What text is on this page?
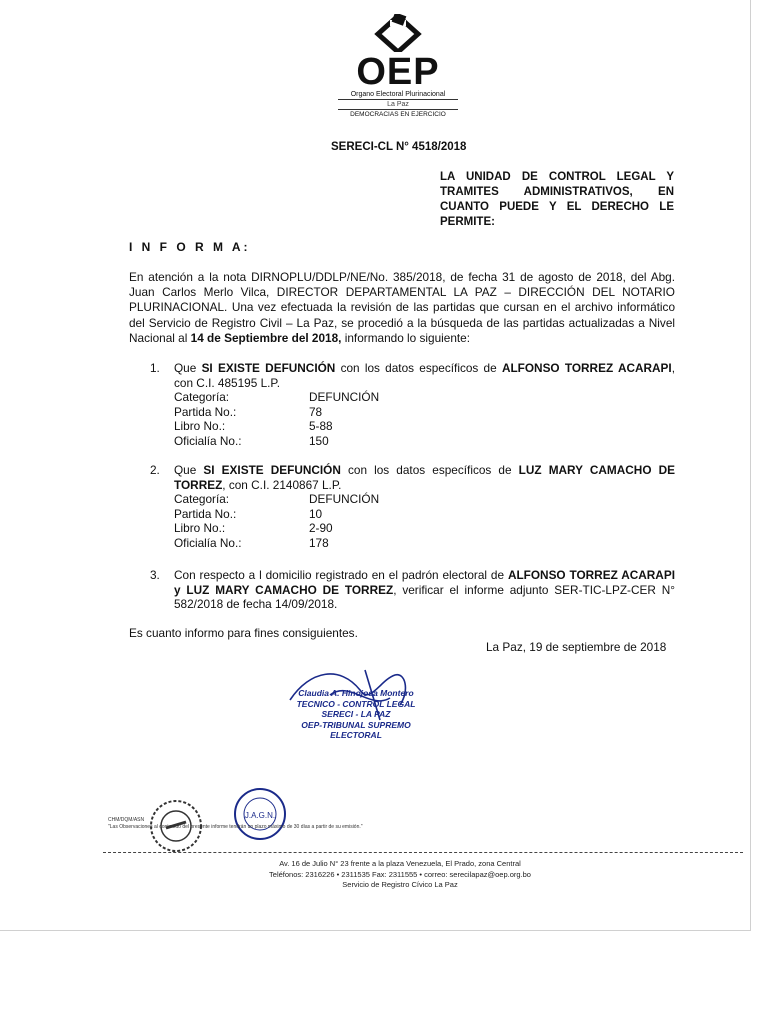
OEP
Organo Electoral Plurinacional
La Paz
DEMOCRACIAS EN EJERCICIO
SERECI-CL N° 4518/2018
LA UNIDAD DE CONTROL LEGAL Y TRAMITES ADMINISTRATIVOS, EN CUANTO PUEDE Y EL DERECHO LE PERMITE:
I N F O R M A:
En atención a la nota DIRNOPLU/DDLP/NE/No. 385/2018, de fecha 31 de agosto de 2018, del Abg. Juan Carlos Merlo Vilca, DIRECTOR DEPARTAMENTAL LA PAZ – DIRECCIÓN DEL NOTARIO PLURINACIONAL. Una vez efectuada la revisión de las partidas que cursan en el archivo informático del Servicio de Registro Civil – La Paz, se procedió a la búsqueda de las partidas actualizadas a Nivel Nacional al 14 de Septiembre del 2018, informando lo siguiente:
1. Que SI EXISTE DEFUNCIÓN con los datos específicos de ALFONSO TORREZ ACARAPI, con C.I. 485195 L.P.
Categoría:	DEFUNCIÓN
Partida No.:	78
Libro No.:	5-88
Oficialía No.:	150
2. Que SI EXISTE DEFUNCIÓN con los datos específicos de LUZ MARY CAMACHO DE TORREZ, con C.I. 2140867 L.P.
Categoría:	DEFUNCIÓN
Partida No.:	10
Libro No.:	2-90
Oficialía No.:	178
3. Con respecto a l domicilio registrado en el padrón electoral de ALFONSO TORREZ ACARAPI y LUZ MARY CAMACHO DE TORREZ, verificar el informe adjunto SER-TIC-LPZ-CER N° 582/2018 de fecha 14/09/2018.
Es cuanto informo para fines consiguientes.
La Paz, 19 de septiembre de 2018
Claudia A. Hinojosa Montero
TECNICO - CONTROL LEGAL
SERECI - LA PAZ
OEP-TRIBUNAL SUPREMO ELECTORAL
J.A.G.N.
CHM/DQM/ASN
"Las Observaciones al contenido del presente informe tendrán un plazo máximo de 30 días a partir de su emisión."
Av. 16 de Julio N° 23 frente a la plaza Venezuela, El Prado, zona Central
Teléfonos: 2316226 • 2311535 Fax: 2311555 • correo: serecilapaz@oep.org.bo
Servicio de Registro Cívico La Paz
